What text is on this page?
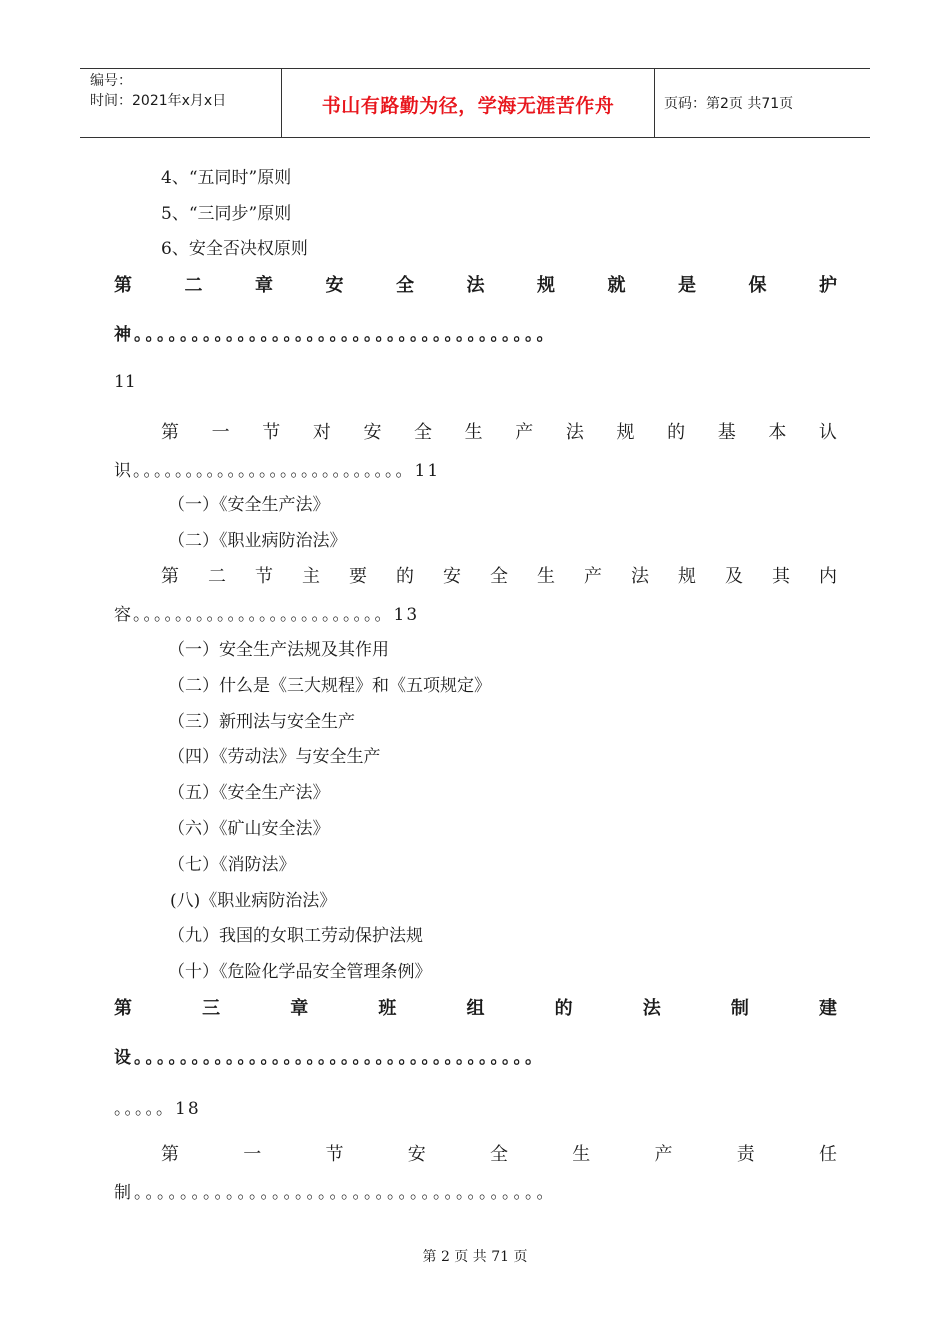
编号：
时间：2021年x月x日	书山有路勤为径，学海无涯苦作舟	页码：第2页 共71页
4、“五同时”原则
5、“三同步”原则
6、安全否决权原则
第	二	章	安	全	法	规	就	是	保	护
神。。。。。。。。。。。。。。。。。。。。。。。。。。。。。。。。。。。。
11
第 一 节 对 安 全 生 产 法 规 的 基 本 认
识。。。。。。。。。。。。。。。。。。。。。。。。。。11
（一）《安全生产法》
（二）《职业病防治法》
第 二 节 主 要 的 安 全 生 产 法 规 及 其 内
容。。。。。。。。。。。。。。。。。。。。。。。。13
（一）安全生产法规及其作用
（二）什么是《三大规程》和《五项规定》
（三）新刑法与安全生产
（四）《劳动法》与安全生产
（五）《安全生产法》
（六）《矿山安全法》
（七）《消防法》
(八)《职业病防治法》
（九）我国的女职工劳动保护法规
（十）《危险化学品安全管理条例》
第	三	章	班	组	的	法	制	建
设。。。。。。。。。。。。。。。。。。。。。。。。。。。。。。。。。。。
。。。。。18
第	一	节	安	全	生	产	责	任
制。。。。。。。。。。。。。。。。。。。。。。。。。。。。。。。。。。。。
第 2 页 共 71 页
